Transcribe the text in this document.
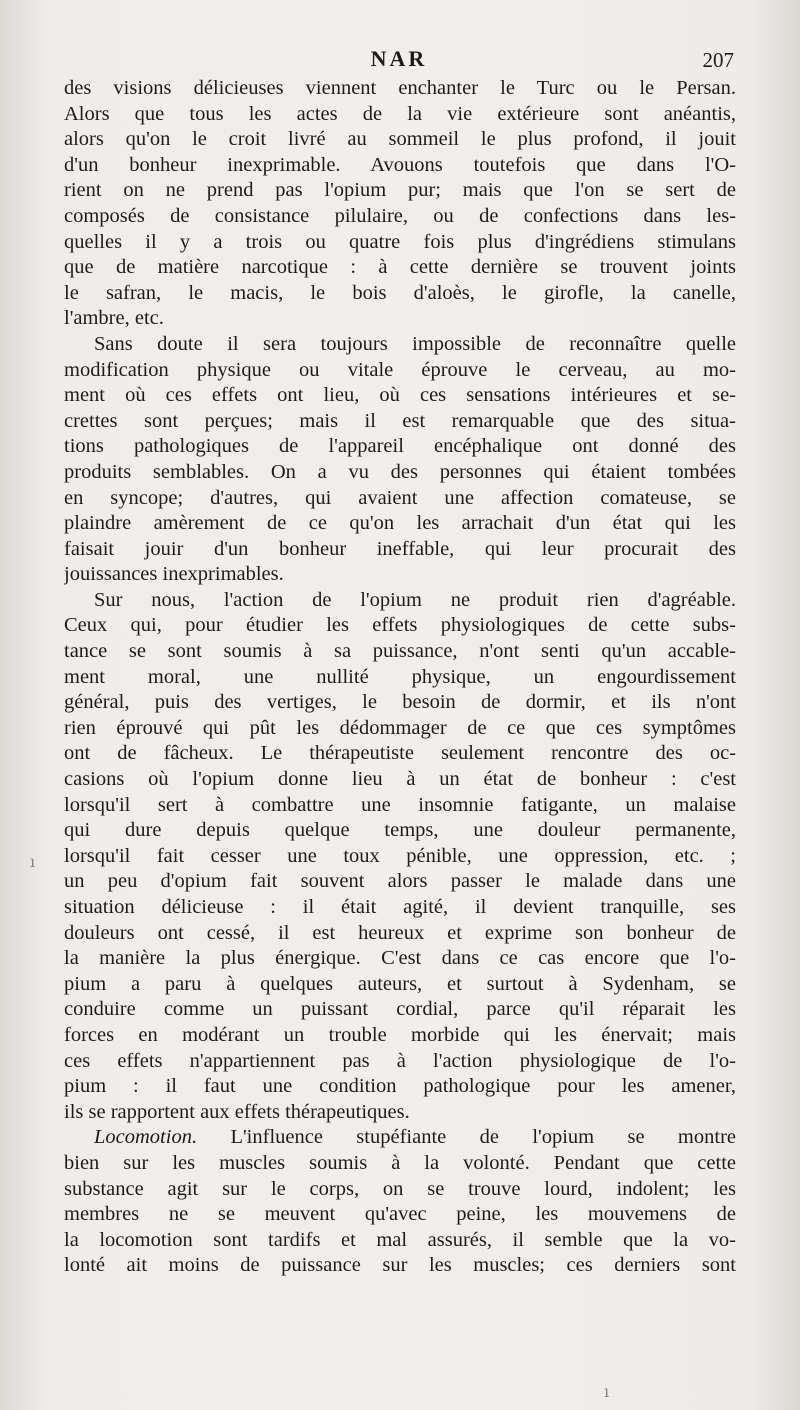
NAR	207
des visions délicieuses viennent enchanter le Turc ou le Persan.
Alors que tous les actes de la vie extérieure sont anéantis,
alors qu'on le croit livré au sommeil le plus profond, il jouit
d'un bonheur inexprimable. Avouons toutefois que dans l'O-
rient on ne prend pas l'opium pur; mais que l'on se sert de
composés de consistance pilulaire, ou de confections dans les-
quelles il y a trois ou quatre fois plus d'ingrédiens stimulans
que de matière narcotique : à cette dernière se trouvent joints
le safran, le macis, le bois d'aloès, le girofle, la canelle,
l'ambre, etc.
Sans doute il sera toujours impossible de reconnaître quelle
modification physique ou vitale éprouve le cerveau, au mo-
ment où ces effets ont lieu, où ces sensations intérieures et se-
crettes sont perçues; mais il est remarquable que des situa-
tions pathologiques de l'appareil encéphalique ont donné des
produits semblables. On a vu des personnes qui étaient tombées
en syncope; d'autres, qui avaient une affection comateuse, se
plaindre amèrement de ce qu'on les arrachait d'un état qui les
faisait jouir d'un bonheur ineffable, qui leur procurait des
jouissances inexprimables.
Sur nous, l'action de l'opium ne produit rien d'agréable.
Ceux qui, pour étudier les effets physiologiques de cette subs-
tance se sont soumis à sa puissance, n'ont senti qu'un accable-
ment moral, une nullité physique, un engourdissement
général, puis des vertiges, le besoin de dormir, et ils n'ont
rien éprouvé qui pût les dédommager de ce que ces symptômes
ont de fâcheux. Le thérapeutiste seulement rencontre des oc-
casions où l'opium donne lieu à un état de bonheur : c'est
lorsqu'il sert à combattre une insomnie fatigante, un malaise
qui dure depuis quelque temps, une douleur permanente,
lorsqu'il fait cesser une toux pénible, une oppression, etc. ;
un peu d'opium fait souvent alors passer le malade dans une
situation délicieuse : il était agité, il devient tranquille, ses
douleurs ont cessé, il est heureux et exprime son bonheur de
la manière la plus énergique. C'est dans ce cas encore que l'o-
pium a paru à quelques auteurs, et surtout à Sydenham, se
conduire comme un puissant cordial, parce qu'il réparait les
forces en modérant un trouble morbide qui les énervait; mais
ces effets n'appartiennent pas à l'action physiologique de l'o-
pium : il faut une condition pathologique pour les amener,
ils se rapportent aux effets thérapeutiques.
Locomotion. L'influence stupéfiante de l'opium se montre
bien sur les muscles soumis à la volonté. Pendant que cette
substance agit sur le corps, on se trouve lourd, indolent; les
membres ne se meuvent qu'avec peine, les mouvemens de
la locomotion sont tardifs et mal assurés, il semble que la vo-
lonté ait moins de puissance sur les muscles; ces derniers sont
ı
ı
